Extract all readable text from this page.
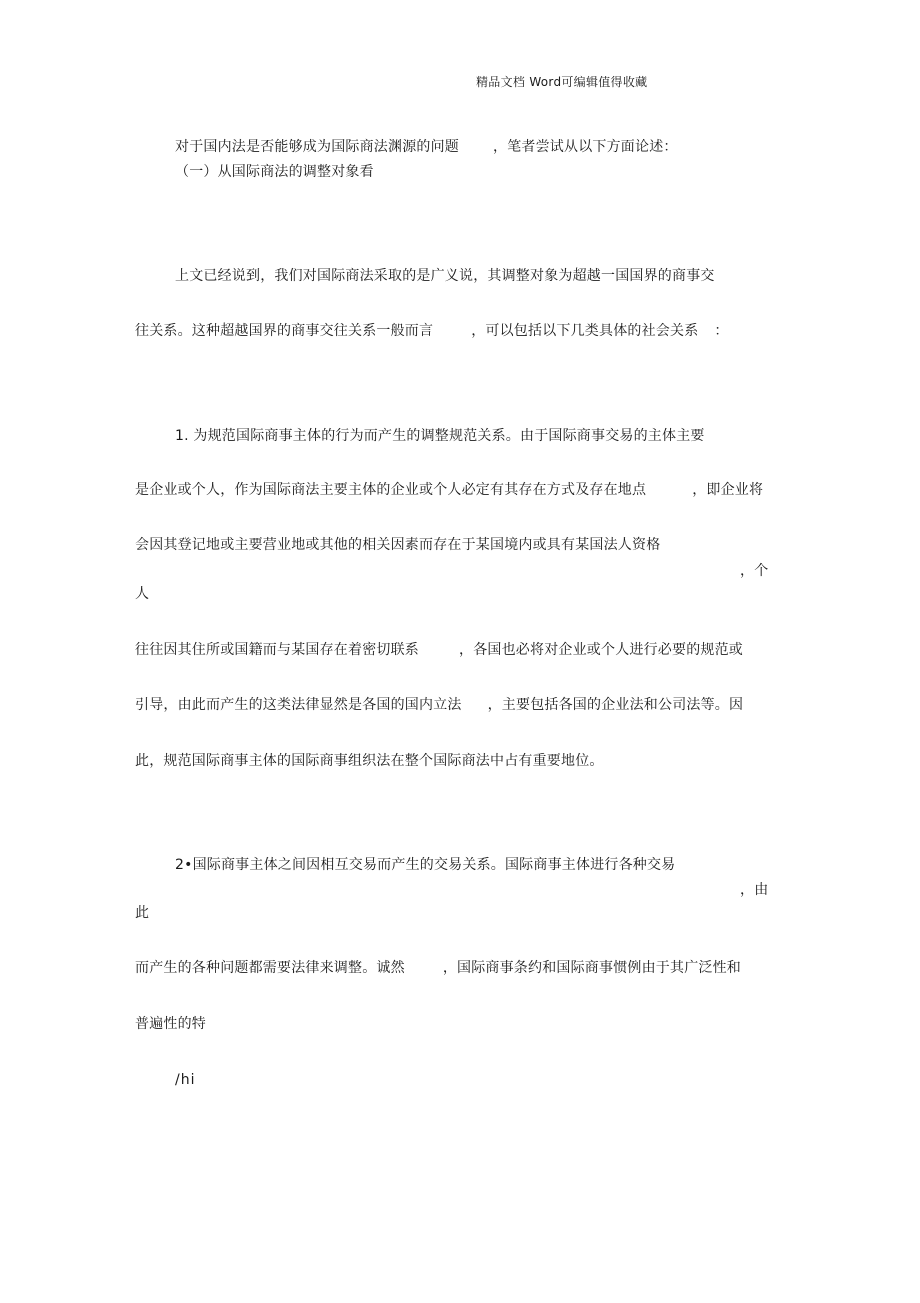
精品文档 Word可编辑值得收藏
对于国内法是否能够成为国际商法渊源的问题 ，笔者尝试从以下方面论述：
（一）从国际商法的调整对象看
上文已经说到，我们对国际商法采取的是广义说，其调整对象为超越一国国界的商事交
往关系。这种超越国界的商事交往关系一般而言	，可以包括以下几类具体的社会关系 ：
1. 为规范国际商事主体的行为而产生的调整规范关系。由于国际商事交易的主体主要
是企业或个人，作为国际商法主要主体的企业或个人必定有其存在方式及存在地点	，即企业将
会因其登记地或主要营业地或其他的相关因素而存在于某国境内或具有某国法人资格
，个
人
往往因其住所或国籍而与某国存在着密切联系	，各国也必将对企业或个人进行必要的规范或
引导，由此而产生的这类法律显然是各国的国内立法 ，主要包括各国的企业法和公司法等。因
此，规范国际商事主体的国际商事组织法在整个国际商法中占有重要地位。
2•国际商事主体之间因相互交易而产生的交易关系。国际商事主体进行各种交易
，由
此
而产生的各种问题都需要法律来调整。诚然	，国际商事条约和国际商事惯例由于其广泛性和
普遍性的特
/hi
